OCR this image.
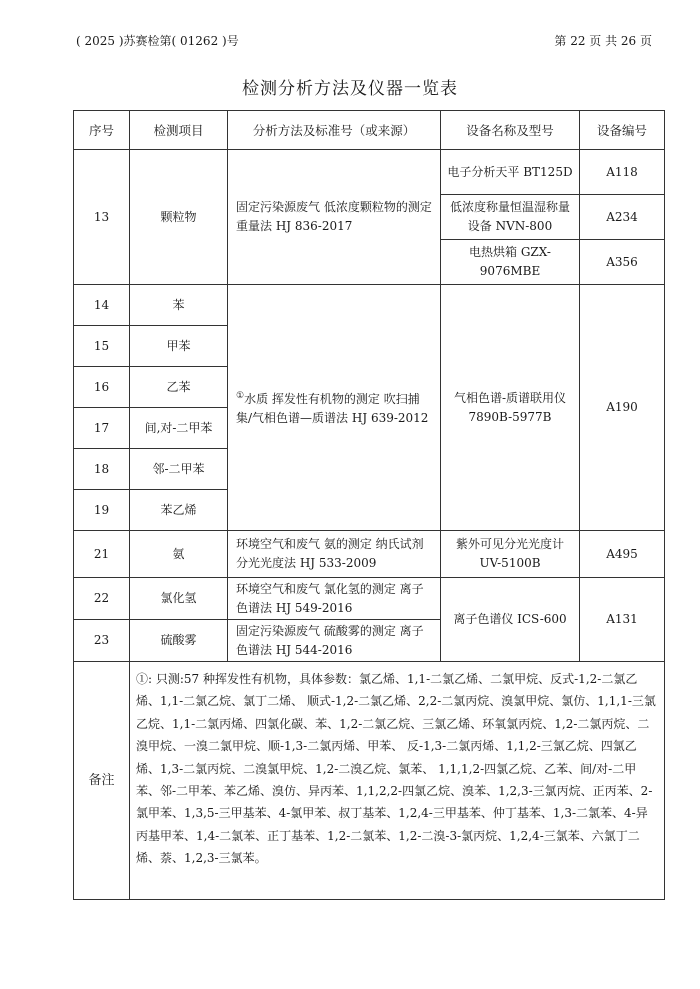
( 2025 )苏赛检第( 01262 )号	第 22 页 共 26 页
检测分析方法及仪器一览表
序号	检测项目	分析方法及标准号（或来源）	设备名称及型号	设备编号
13	颗粒物	固定污染源废气 低浓度颗粒物的测定 重量法 HJ 836-2017	电子分析天平 BT125D	A118
			低浓度称量恒温湿称量设备 NVN-800	A234
			电热烘箱 GZX-9076MBE	A356
14	苯	①水质 挥发性有机物的测定 吹扫捕集/气相色谱—质谱法 HJ 639-2012	气相色谱-质谱联用仪 7890B-5977B	A190
15	甲苯			
16	乙苯			
17	间,对-二甲苯			
18	邻-二甲苯			
19	苯乙烯			
21	氨	环境空气和废气 氨的测定 纳氏试剂分光光度法 HJ 533-2009	紫外可见分光光度计 UV-5100B	A495
22	氯化氢	环境空气和废气 氯化氢的测定 离子色谱法 HJ 549-2016	离子色谱仪 ICS-600	A131
23	硫酸雾	固定污染源废气 硫酸雾的测定 离子色谱法 HJ 544-2016		
备注	①: 只测:57 种挥发性有机物，具体参数：氯乙烯、1,1-二氯乙烯、二氯甲烷、反式-1,2-二氯乙烯、1,1-二氯乙烷、氯丁二烯、 顺式-1,2-二氯乙烯、2,2-二氯丙烷、溴氯甲烷、氯仿、1,1,1-三氯乙烷、1,1-二氯丙烯、四氯化碳、苯、1,2-二氯乙烷、三氯乙烯、环氧氯丙烷、1,2-二氯丙烷、二溴甲烷、一溴二氯甲烷、顺-1,3-二氯丙烯、甲苯、 反-1,3-二氯丙烯、1,1,2-三氯乙烷、四氯乙烯、1,3-二氯丙烷、二溴氯甲烷、1,2-二溴乙烷、氯苯、 1,1,1,2-四氯乙烷、乙苯、间/对-二甲苯、邻-二甲苯、苯乙烯、溴仿、异丙苯、1,1,2,2-四氯乙烷、溴苯、1,2,3-三氯丙烷、正丙苯、2-氯甲苯、1,3,5-三甲基苯、4-氯甲苯、叔丁基苯、1,2,4-三甲基苯、仲丁基苯、1,3-二氯苯、4-异丙基甲苯、1,4-二氯苯、正丁基苯、1,2-二氯苯、1,2-二溴-3-氯丙烷、1,2,4-三氯苯、六氯丁二烯、萘、1,2,3-三氯苯。			
